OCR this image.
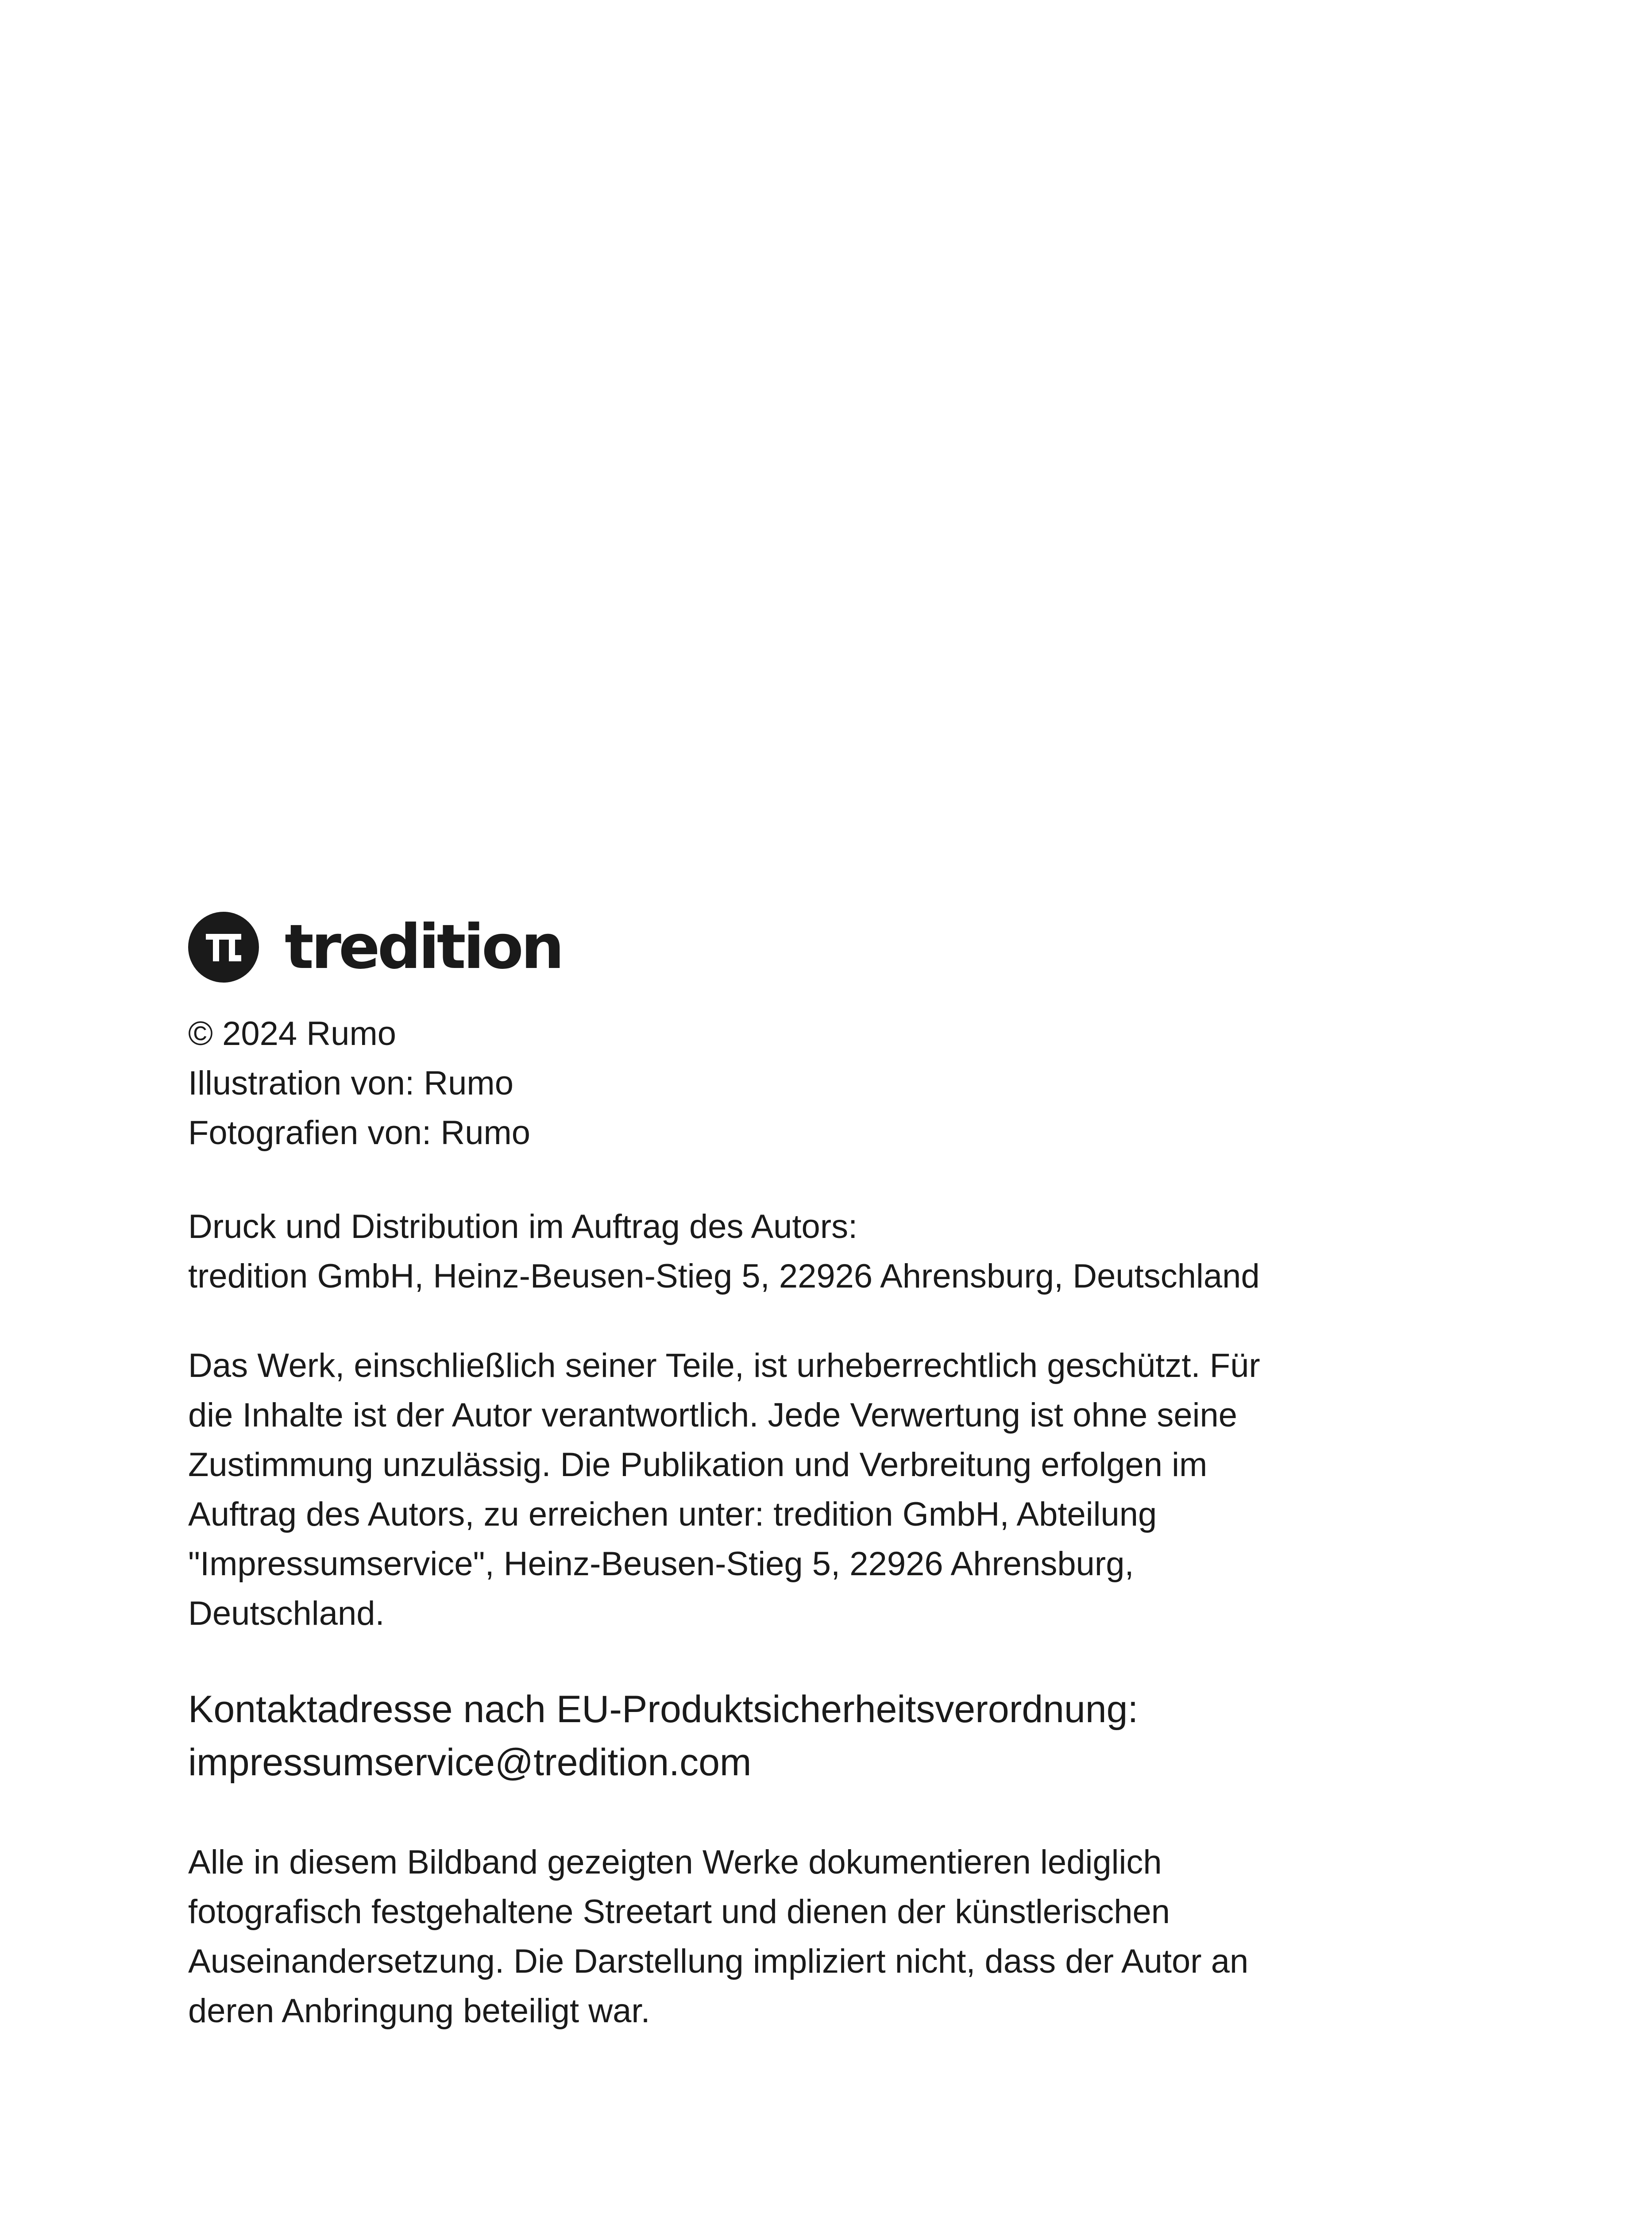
tredition

© 2024 Rumo

Illustration von: Rumo

Fotografien von: Rumo

Druck und Distribution im Auftrag des Autors:

tredition GmbH, Heinz-Beusen-Stieg 5, 22926 Ahrensburg, Deutschland

Das Werk, einschließlich seiner Teile, ist urheberrechtlich geschützt. Für

die Inhalte ist der Autor verantwortlich. Jede Verwertung ist ohne seine

Zustimmung unzulässig. Die Publikation und Verbreitung erfolgen im

Auftrag des Autors, zu erreichen unter: tredition GmbH, Abteilung

"Impressumservice", Heinz-Beusen-Stieg 5, 22926 Ahrensburg,

Deutschland.

Kontaktadresse nach EU-Produktsicherheitsverordnung:

impressumservice@tredition.com

Alle in diesem Bildband gezeigten Werke dokumentieren lediglich

fotografisch festgehaltene Streetart und dienen der künstlerischen

Auseinandersetzung. Die Darstellung impliziert nicht, dass der Autor an

deren Anbringung beteiligt war.
